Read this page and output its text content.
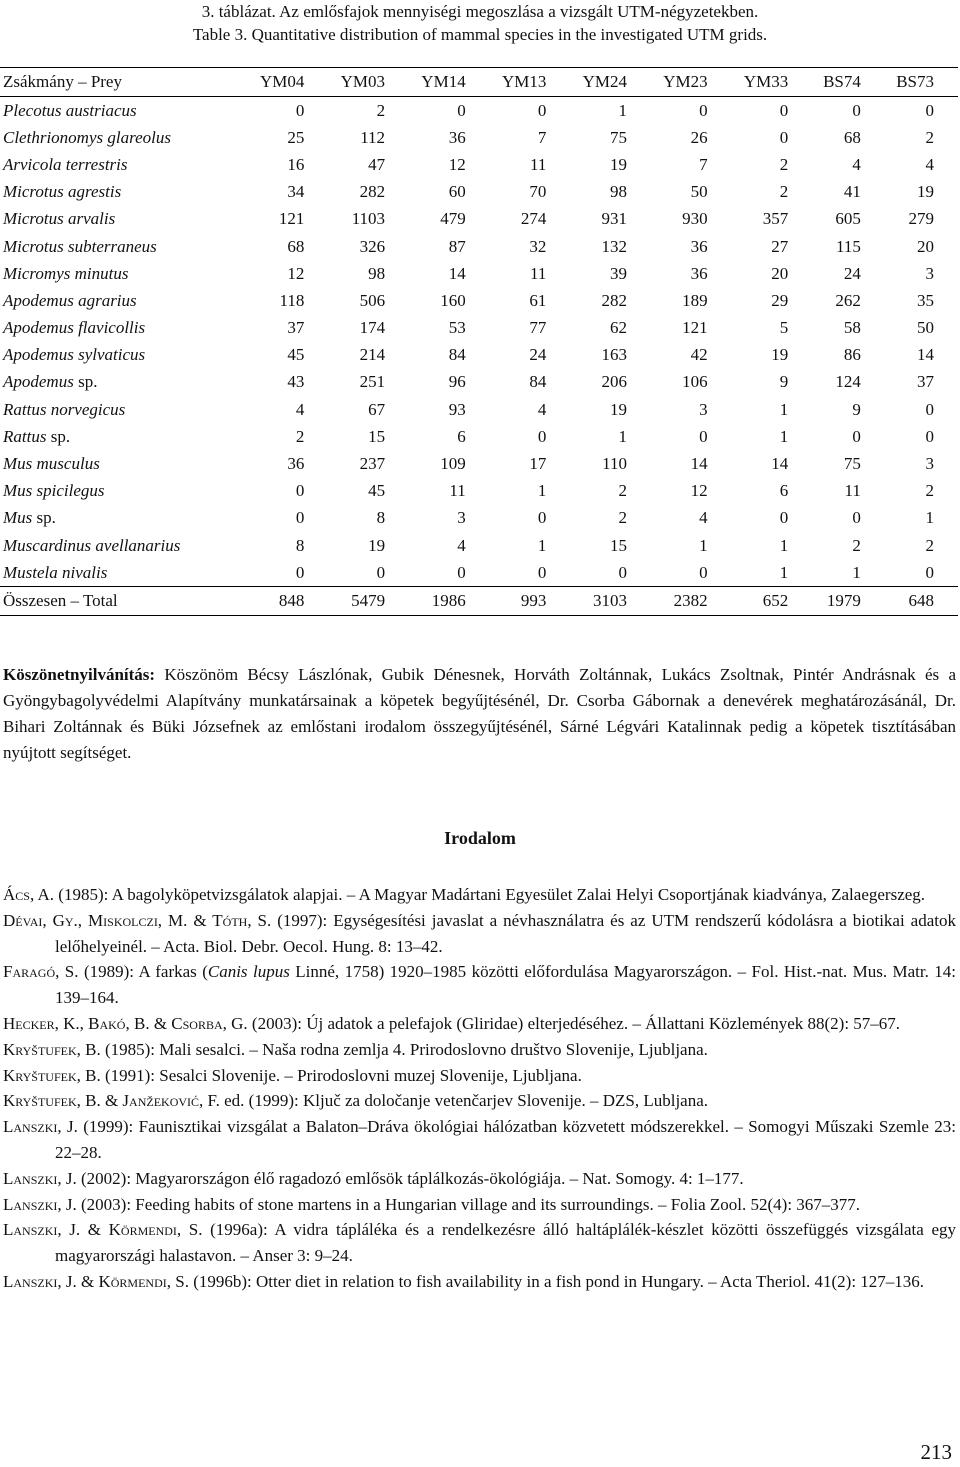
3. táblázat. Az emlősfajok mennyiségi megoszlása a vizsgált UTM-négyzetekben.
Table 3. Quantitative distribution of mammal species in the investigated UTM grids.
Zsákmány – Prey	YM04	YM03	YM14	YM13	YM24	YM23	YM33	BS74	BS73
Plecotus austriacus	0	2	0	0	1	0	0	0	0
Clethrionomys glareolus	25	112	36	7	75	26	0	68	2
Arvicola terrestris	16	47	12	11	19	7	2	4	4
Microtus agrestis	34	282	60	70	98	50	2	41	19
Microtus arvalis	121	1103	479	274	931	930	357	605	279
Microtus subterraneus	68	326	87	32	132	36	27	115	20
Micromys minutus	12	98	14	11	39	36	20	24	3
Apodemus agrarius	118	506	160	61	282	189	29	262	35
Apodemus flavicollis	37	174	53	77	62	121	5	58	50
Apodemus sylvaticus	45	214	84	24	163	42	19	86	14
Apodemus sp.	43	251	96	84	206	106	9	124	37
Rattus norvegicus	4	67	93	4	19	3	1	9	0
Rattus sp.	2	15	6	0	1	0	1	0	0
Mus musculus	36	237	109	17	110	14	14	75	3
Mus spicilegus	0	45	11	1	2	12	6	11	2
Mus sp.	0	8	3	0	2	4	0	0	1
Muscardinus avellanarius	8	19	4	1	15	1	1	2	2
Mustela nivalis	0	0	0	0	0	0	1	1	0
Összesen – Total	848	5479	1986	993	3103	2382	652	1979	648
Köszönetnyilvánítás: Köszönöm Bécsy Lászlónak, Gubik Dénesnek, Horváth Zoltánnak, Lukács Zsoltnak, Pintér Andrásnak és a Gyöngybagolyvédelmi Alapítvány munkatársainak a köpetek begyűjtésénél, Dr. Csorba Gábornak a denevérek meghatározásánál, Dr. Bihari Zoltánnak és Büki Józsefnek az emlőstani irodalom összegyűjtésénél, Sárné Légvári Katalinnak pedig a köpetek tisztításában nyújtott segítséget.
Irodalom

Ács, A. (1985): A bagolyköpetvizsgálatok alapjai. – A Magyar Madártani Egyesület Zalai Helyi Csoportjának kiadványa, Zalaegerszeg.

Dévai, Gy., Miskolczi, M. & Tóth, S. (1997): Egységesítési javaslat a névhasználatra és az UTM rendszerű kódolásra a biotikai adatok lelőhelyeinél. – Acta. Biol. Debr. Oecol. Hung. 8: 13–42.

Faragó, S. (1989): A farkas (Canis lupus Linné, 1758) 1920–1985 közötti előfordulása Magyarországon. – Fol. Hist.-nat. Mus. Matr. 14: 139–164.

Hecker, K., Bakó, B. & Csorba, G. (2003): Új adatok a pelefajok (Gliridae) elterjedéséhez. – Állattani Közlemények 88(2): 57–67.

Kryštufek, B. (1985): Mali sesalci. – Naša rodna zemlja 4. Prirodoslovno društvo Slovenije, Ljubljana.

Kryštufek, B. (1991): Sesalci Slovenije. – Prirodoslovni muzej Slovenije, Ljubljana.

Kryštufek, B. & Janžeković, F. ed. (1999): Ključ za določanje vetenčarjev Slovenije. – DZS, Lubljana.

Lanszki, J. (1999): Faunisztikai vizsgálat a Balaton–Dráva ökológiai hálózatban közvetett módszerekkel. – Somogyi Műszaki Szemle 23: 22–28.

Lanszki, J. (2002): Magyarországon élő ragadozó emlősök táplálkozás-ökológiája. – Nat. Somogy. 4: 1–177.

Lanszki, J. (2003): Feeding habits of stone martens in a Hungarian village and its surroundings. – Folia Zool. 52(4): 367–377.

Lanszki, J. & Körmendi, S. (1996a): A vidra tápláléka és a rendelkezésre álló haltáplálék-készlet közötti összefüggés vizsgálata egy magyarországi halastavon. – Anser 3: 9–24.

Lanszki, J. & Körmendi, S. (1996b): Otter diet in relation to fish availability in a fish pond in Hungary. – Acta Theriol. 41(2): 127–136.

213
